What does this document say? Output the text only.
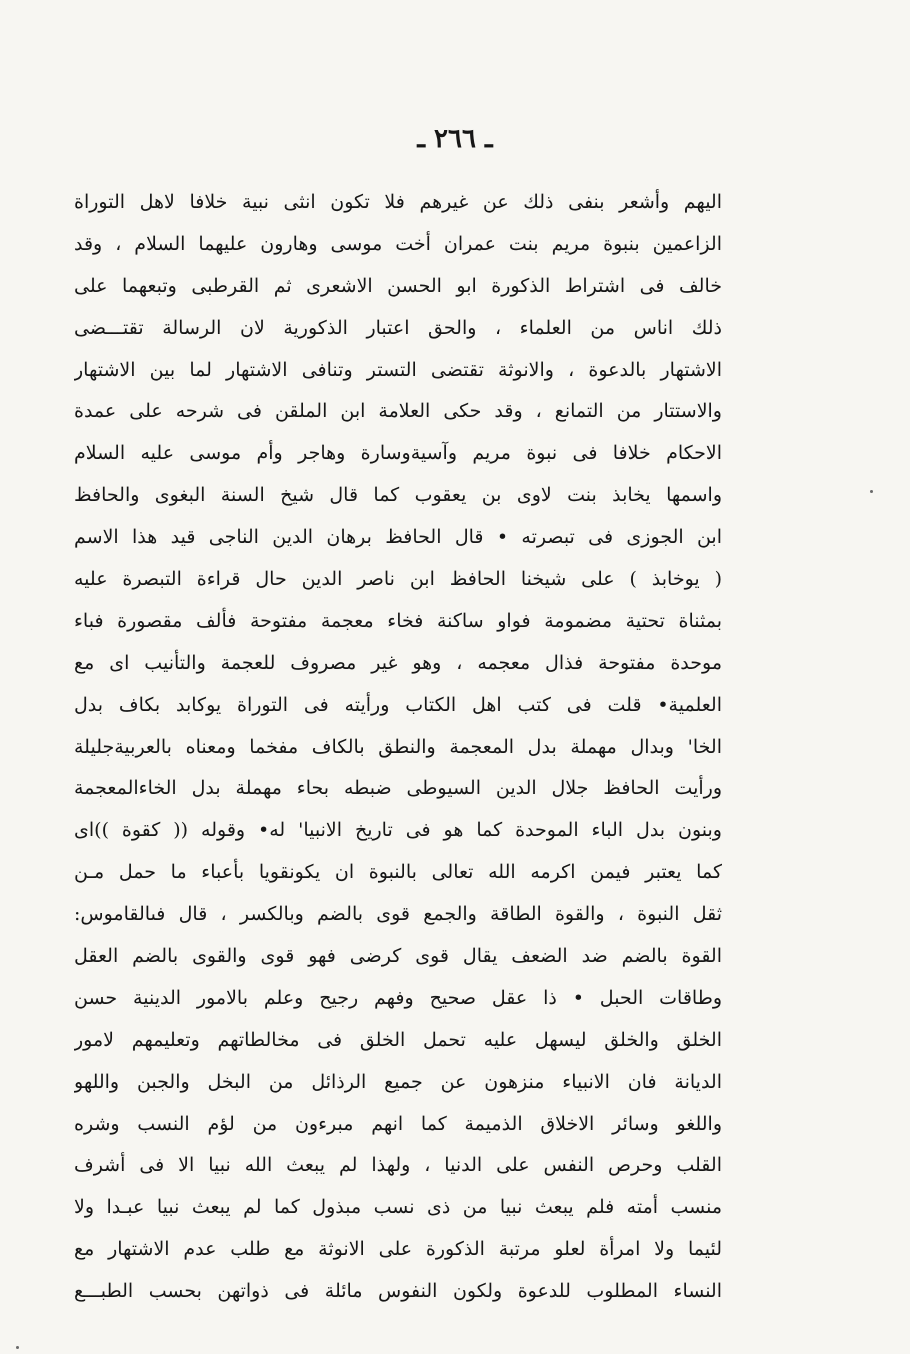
ـ ٢٦٦ ـ
اليهم وأشعر بنفى ذلك عن غيرهم فلا تكون انثى نبية خلافا لاهل التوراة
الزاعمين بنبوة مريم بنت عمران أخت موسى وهارون عليهما السلام ، وقد
خالف فى اشتراط الذكورة ابو الحسن الاشعرى ثم القرطبى وتبعهما على
ذلك اناس من العلماء ، والحق اعتبار الذكورية لان الرسالة تقتـــضى
الاشتهار بالدعوة ، والانوثة تقتضى التستر وتنافى الاشتهار لما بين الاشتهار
والاستتار من التمانع ، وقد حكى العلامة ابن الملقن فى شرحه على عمدة
الاحكام خلافا فى نبوة مريم وآسيةوسارة وهاجر وأم موسى عليه السلام
واسمها يخابذ بنت لاوى بن يعقوب كما قال شيخ السنة البغوى والحافظ
ابن الجوزى فى تبصرته • قال الحافظ برهان الدين الناجى قيد هذا الاسم
( يوخابذ ) على شيخنا الحافظ ابن ناصر الدين حال قراءة التبصرة عليه
بمثناة تحتية مضمومة فواو ساكنة فخاء معجمة مفتوحة فألف مقصورة فباء
موحدة مفتوحة فذال معجمه ، وهو غير مصروف للعجمة والتأنيب اى مع
العلمية• قلت فى كتب اهل الكتاب ورأيته فى التوراة يوكابد بكاف بدل
الخا' وبدال مهملة بدل المعجمة والنطق بالكاف مفخما ومعناه بالعربيةجليلة
ورأيت الحافظ جلال الدين السيوطى ضبطه بحاء مهملة بدل الخاءالمعجمة
وبنون بدل الباء الموحدة كما هو فى تاريخ الانبيا' له• وقوله (( كقوة ))اى
كما يعتبر فيمن اكرمه الله تعالى بالنبوة ان يكونقويا بأعباء ما حمل مـن
ثقل النبوة ، والقوة الطاقة والجمع قوى بالضم وبالكسر ، قال فىالقاموس:
القوة بالضم ضد الضعف يقال قوى كرضى فهو قوى والقوى بالضم العقل
وطاقات الحبل • ذا عقل صحيح وفهم رجيح وعلم بالامور الدينية حسن
الخلق والخلق ليسهل عليه تحمل الخلق فى مخالطاتهم وتعليمهم لامور
الديانة فان الانبياء منزهون عن جميع الرذائل من البخل والجبن واللهو
واللغو وسائر الاخلاق الذميمة كما انهم مبرءون من لؤم النسب وشره
القلب وحرص النفس على الدنيا ، ولهذا لم يبعث الله نبيا الا فى أشرف
منسب أمته فلم يبعث نبيا من ذى نسب مبذول كما لم يبعث نبيا عبـدا ولا
لئيما ولا امرأة لعلو مرتبة الذكورة على الانوثة مع طلب عدم الاشتهار مع
النساء المطلوب للدعوة ولكون النفوس مائلة فى ذواتهن بحسب الطبـــع
